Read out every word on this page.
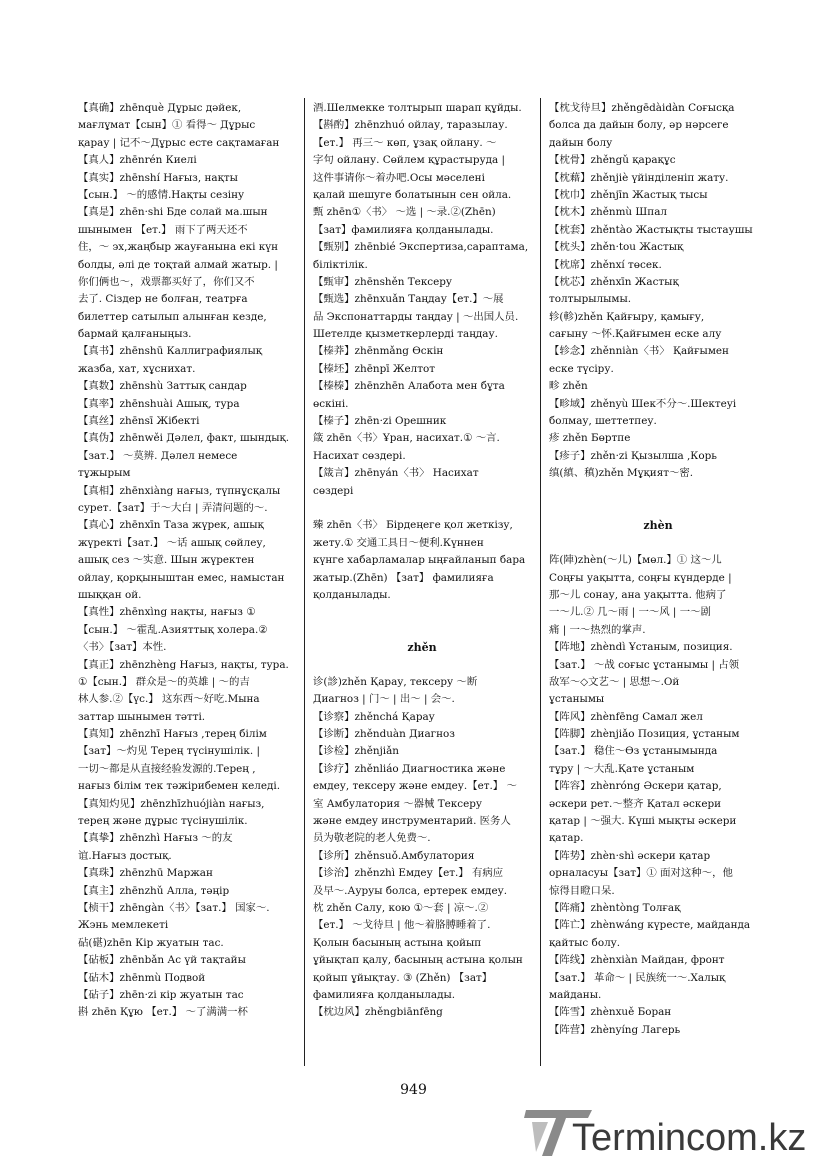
【真确】zhēnquè Дұрыс дәйек,
мағлұмат【сын】① 看得～ Дұрыс
қарау | 记不～Дұрыс есте сақтамаған
【真人】zhēnrén Киелі
【真实】zhēnshí Нағыз, нақты
【сын.】 ～的感情.Нақты сезіну
【真是】zhēn·shi Бде солай ма.шын
шынымен 【ет.】 雨下了两天还不
住，～ эх,жаңбыр жауғанына екі күн
болды, әлі де тоқтай алмай жатыр. |
你们俩也～，戏票都买好了，你们又不
去了. Сіздер не болған, театрға
билеттер сатылып алынған кезде,
бармай қалғаныңыз.
【真书】zhēnshū Каллиграфиялық
жазба, хат, хұснихат.
【真数】zhēnshù Заттық сандар
【真率】zhēnshuài Ашық, тура
【真丝】zhēnsī Жібекті
【真伪】zhēnwěi Дәлел, факт, шындық.
【зат.】 ～莫辨. Дәлел немесе
тұжырым
【真相】zhēnxiàng нағыз, түпнұсқалы
сурет.【зат】于～大白 | 弄清问题的～.
【真心】zhēnxīn Таза жүрек, ашық
жүректі【зат.】 ～话 ашық сөйлеу,
ашық сез ～实意. Шын жүректен
ойлау, қорқыныштан емес, намыстан
шыққан ой.
【真性】zhēnxìng нақты, нағыз ①
【сын.】 ～霍乱.Азияттық холера.②
〈书〉【зат】本性.
【真正】zhēnzhèng Нағыз, нақты, тура.
①【сын.】 群众是～的英雄 | ～的吉
林人参.②【үс.】 这东西～好吃.Мына
заттар шынымен тәтті.
【真知】zhēnzhī Нағыз ,терең білім
【зат】～灼见 Терең түсінушілік. |
一切～都是从直接经验发源的.Терең ,
нағыз білім тек тәжірибемен келеді.
【真知灼见】zhēnzhīzhuójiàn нағыз,
терең және дұрыс түсінушілік.
【真挚】zhēnzhì Нағыз ～的友
谊.Нағыз достық.
【真珠】zhēnzhū Маржан
【真主】zhēnzhǔ Алла, тәңір
【桢干】zhēngàn〈书〉【зат.】 国家～.
Жэнь мемлекеті
砧(碪)zhēn Кір жуатын тас.
【砧板】zhēnbǎn Ас үй тақтайы
【砧木】zhēnmù Подвой
【砧子】zhēn·zi кір жуатын тас
斟 zhēn Құю 【ет.】 ～了满满一杯
酒.Шелмекке толтырып шарап құйды.
【斟酌】zhēnzhuó ойлау, таразылау.
【ет.】 再三～ көп, ұзақ ойлану. ～
字句 ойлану. Сөйлем құрастыруда |
这件事请你～着办吧.Осы мәселені
қалай шешуге болатынын сен ойла.
甄 zhēn①〈书〉 ～选 | ～录.②(Zhēn)
【зат】фамилияға қолданылады.
【甄别】zhēnbié Экспертиза,сараптама,
біліктілік.
【甄审】zhēnshěn Тексеру
【甄选】zhēnxuǎn Таңдау【ет.】～展
品 Экспонаттарды таңдау | ～出国人员.
Шетелде қызметкерлерді таңдау.
【榛莽】zhēnmǎng Өскін
【榛坯】zhēnpī Желтот
【榛榛】zhēnzhēn Алабота мен бұта
өскіні.
【榛子】zhēn·zi Орешник
箴 zhēn〈书〉Ұран, насихат.① ～言.
Насихат сөздері.
【箴言】zhēnyán〈书〉 Насихат
сөздері
臻 zhēn〈书〉 Бірдеңеге қол жеткізу,
жету.① 交通工具日～便利.Күннен
күнге хабарламалар ыңғайланып бара
жатыр.(Zhēn) 【зат】 фамилияға
қолданылады.
zhěn
诊(診)zhěn Қарау, тексеру ～断
Диагноз | 门～ | 出～ | 会～.
【诊察】zhěnchá Қарау
【诊断】zhěnduàn Диагноз
【诊检】zhěnjiǎn
【诊疗】zhěnliáo Диагностика және
емдеу, тексеру және емдеу.【ет.】 ～
室 Амбулатория ～器械 Тексеру
және емдеу инструментарий. 医务人
员为敬老院的老人免费～.
【诊所】zhěnsuǒ.Амбулатория
【诊治】zhěnzhì Емдеу【ет.】 有病应
及早～.Ауруы болса, ертерек емдеу.
枕 zhěn Салу, кою ①～套 | 凉～.②
【ет.】 ～戈待旦 | 他～着胳膊睡着了.
Қолын басының астына қойып
ұйықтап қалу, басының астына қолын
қойып ұйықтау. ③ (Zhěn) 【зат】
фамилияға қолданылады.
【枕边风】zhěngbiānfēng
【枕戈待旦】zhěngēdàidàn Соғысқа
болса да дайын болу, әр нәрсеге
дайын болу
【枕骨】zhěngǔ қарақұс
【枕藉】zhěnjiè үйінділеніп жату.
【枕巾】zhěnjīn Жастық тысы
【枕木】zhěnmù Шпал
【枕套】zhěntào Жастықты тыстаушы
【枕头】zhěn·tou Жастық
【枕席】zhěnxí төсек.
【枕芯】zhěnxīn Жастық
толтырылымы.
轸(軫)zhěn Қайғыру, қамығу,
сағыну ～怀.Қайғымен еске алу
【轸念】zhěnniàn〈书〉 Қайғымен
еске түсіру.
畛 zhěn
【畛域】zhěnyù Шек不分～.Шектеуі
болмау, шеттетпеу.
疹 zhěn Бөртпе
【疹子】zhěn·zi Қызылша ,Корь
缜(縝、稹)zhěn Мұқият～密.
zhèn
阵(陣)zhèn(～儿)【мөл.】① 这～儿
Соңғы уақытта, соңғы күндерде |
那～儿 сонау, ана уақытта. 他病了
一～儿.② 几～雨 | 一～风 | 一～剧
痛 | 一～热烈的掌声.
【阵地】zhèndì Ұстаным, позиция.
【зат.】 ～战 соғыс ұстанымы | 占领
敌军～◇文艺～ | 思想～.Ой
ұстанымы
【阵风】zhènfēng Самал жел
【阵脚】zhènjiǎo Позиция, ұстаным
【зат.】 稳住～Өз ұстанымында
тұру | ～大乱.Қате ұстаным
【阵容】zhènróng Әскери қатар,
әскери рет.～整齐 Қатал әскери
қатар | ～强大. Күші мықты әскери
қатар.
【阵势】zhèn·shì әскери қатар
орналасуы【зат】① 面对这种～，他
惊得目瞪口呆.
【阵痛】zhèntòng Толғақ
【阵亡】zhènwáng күресте, майданда
қайтыс болу.
【阵线】zhènxiàn Майдан, фронт
【зат.】 革命～ | 民族统一～.Халық
майданы.
【阵雪】zhènxuě Боран
【阵营】zhènyíng Лагерь
949
Termincom.kz
